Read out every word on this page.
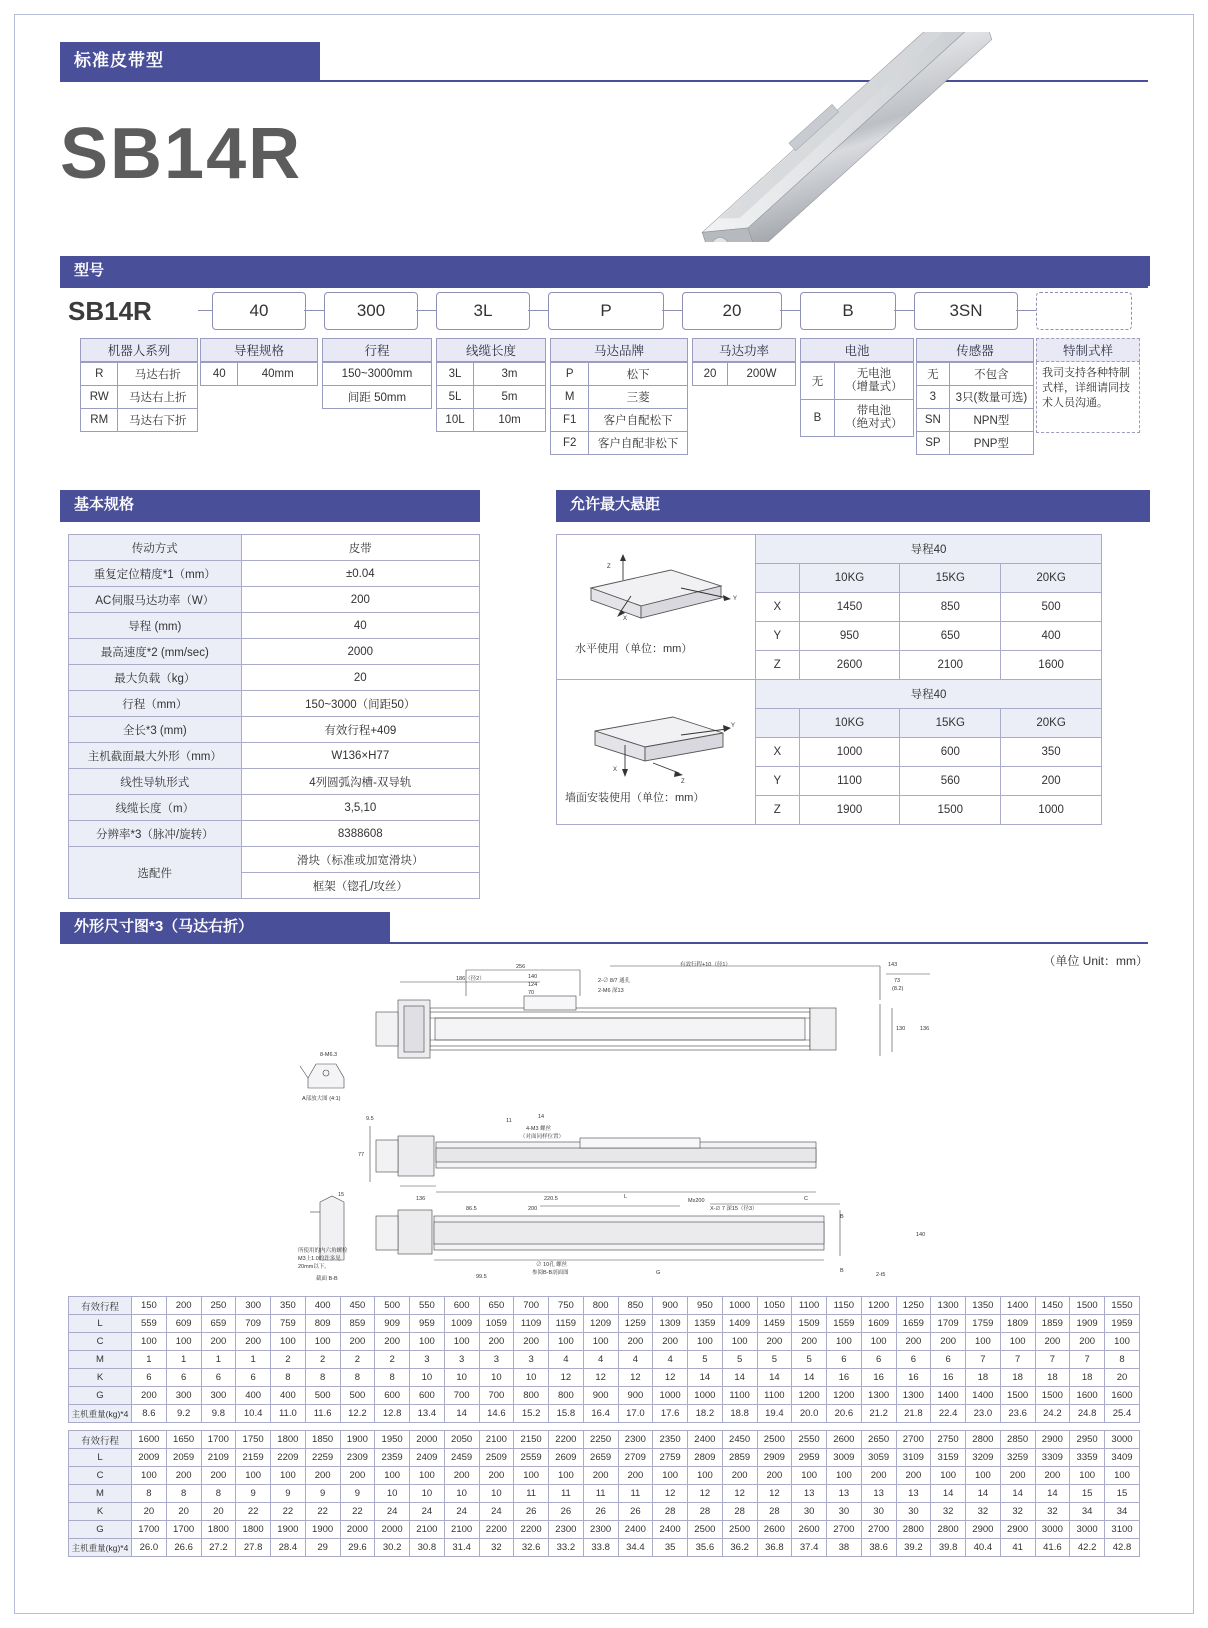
标准皮带型
SB14R
型号
SB14R	40	300	3L	P	20	B	3SN
机器人系列
R	马达右折
RW	马达右上折
RM	马达右下折
导程规格
40	40mm
行程
150~3000mm
间距 50mm
线缆长度
3L	3m
5L	5m
10L	10m
马达品牌
P	松下
M	三菱
F1	客户自配松下
F2	客户自配非松下
马达功率
20	200W
电池
无	无电池
（增量式）
B	带电池
（绝对式）
传感器
无	不包含
3	3只(数量可选)
SN	NPN型
SP	PNP型
特制式样
我司支持各种特制式样，详细请同技术人员沟通。
基本规格
传动方式	皮带
重复定位精度*1（mm）	±0.04
AC伺服马达功率（W）	200
导程 (mm)	40
最高速度*2 (mm/sec)	2000
最大负载（kg）	20
行程（mm）	150~3000（间距50）
全长*3 (mm)	有效行程+409
主机截面最大外形（mm）	W136×H77
线性导轨形式	4列圆弧沟槽-双导轨
线缆长度（m）	3,5,10
分辨率*3（脉冲/旋转）	8388608
选配件	滑块（标准或加宽滑块）
	框架（锪孔/攻丝）
允许最大悬距
Z
Y
X
水平使用（单位：mm）	导程40			
		10KG	15KG	20KG
	X	1450	850	500
	Y	950	650	400
	Z	2600	2100	1600

Y
X
Z
墙面安装使用（单位：mm）	导程40			
		10KG	15KG	20KG
	X	1000	600	350
	Y	1100	560	200
	Z	1900	1500	1000
外形尺寸图*3（马达右折）
（单位 Unit：mm）
256
186（径2）	140
124
70
2-∅ 8/7 通孔
2-M6 深13
有效行程+10（径1）	143
73
(8.2)
136
130
8-M6.3
A部放大图 (4:1)
9.5
77
136
11
14
4-M3 螺丝
（对面同样位置）
L
220.5
86.5	200
Mx200	C
X-∅ 7 深15（径3）
B
140
∅ 10孔 螺丝
参阅B-B剖面图
99.5
G	B
2-t5
15
截面 B-B
所使用的内六角螺栓
M3上1.0的许多见
20mm以下。
有效行程	150	200	250	300	350	400	450	500	550	600	650	700	750	800	850	900	950	1000	1050	1100	1150	1200	1250	1300	1350	1400	1450	1500	1550
L	559	609	659	709	759	809	859	909	959	1009	1059	1109	1159	1209	1259	1309	1359	1409	1459	1509	1559	1609	1659	1709	1759	1809	1859	1909	1959
C	100	100	200	200	100	100	200	200	100	100	200	200	100	100	200	200	100	100	200	200	100	100	200	200	100	100	200	200	100
M	1	1	1	1	2	2	2	2	3	3	3	3	4	4	4	4	5	5	5	5	6	6	6	6	7	7	7	7	8
K	6	6	6	6	8	8	8	8	10	10	10	10	12	12	12	12	14	14	14	14	16	16	16	16	18	18	18	18	20
G	200	300	300	400	400	500	500	600	600	700	700	800	800	900	900	1000	1000	1100	1100	1200	1200	1300	1300	1400	1400	1500	1500	1600	1600
主机重量(kg)*4	8.6	9.2	9.8	10.4	11.0	11.6	12.2	12.8	13.4	14	14.6	15.2	15.8	16.4	17.0	17.6	18.2	18.8	19.4	20.0	20.6	21.2	21.8	22.4	23.0	23.6	24.2	24.8	25.4
有效行程	1600	1650	1700	1750	1800	1850	1900	1950	2000	2050	2100	2150	2200	2250	2300	2350	2400	2450	2500	2550	2600	2650	2700	2750	2800	2850	2900	2950	3000
L	2009	2059	2109	2159	2209	2259	2309	2359	2409	2459	2509	2559	2609	2659	2709	2759	2809	2859	2909	2959	3009	3059	3109	3159	3209	3259	3309	3359	3409
C	100	200	200	100	100	200	200	100	100	200	200	100	100	200	200	100	100	200	200	100	100	200	200	100	100	200	200	100	100
M	8	8	8	9	9	9	9	10	10	10	10	11	11	11	11	12	12	12	12	13	13	13	13	14	14	14	14	15	15
K	20	20	20	22	22	22	22	24	24	24	24	26	26	26	26	28	28	28	28	30	30	30	30	32	32	32	32	34	34
G	1700	1700	1800	1800	1900	1900	2000	2000	2100	2100	2200	2200	2300	2300	2400	2400	2500	2500	2600	2600	2700	2700	2800	2800	2900	2900	3000	3000	3100
主机重量(kg)*4	26.0	26.6	27.2	27.8	28.4	29	29.6	30.2	30.8	31.4	32	32.6	33.2	33.8	34.4	35	35.6	36.2	36.8	37.4	38	38.6	39.2	39.8	40.4	41	41.6	42.2	42.8
